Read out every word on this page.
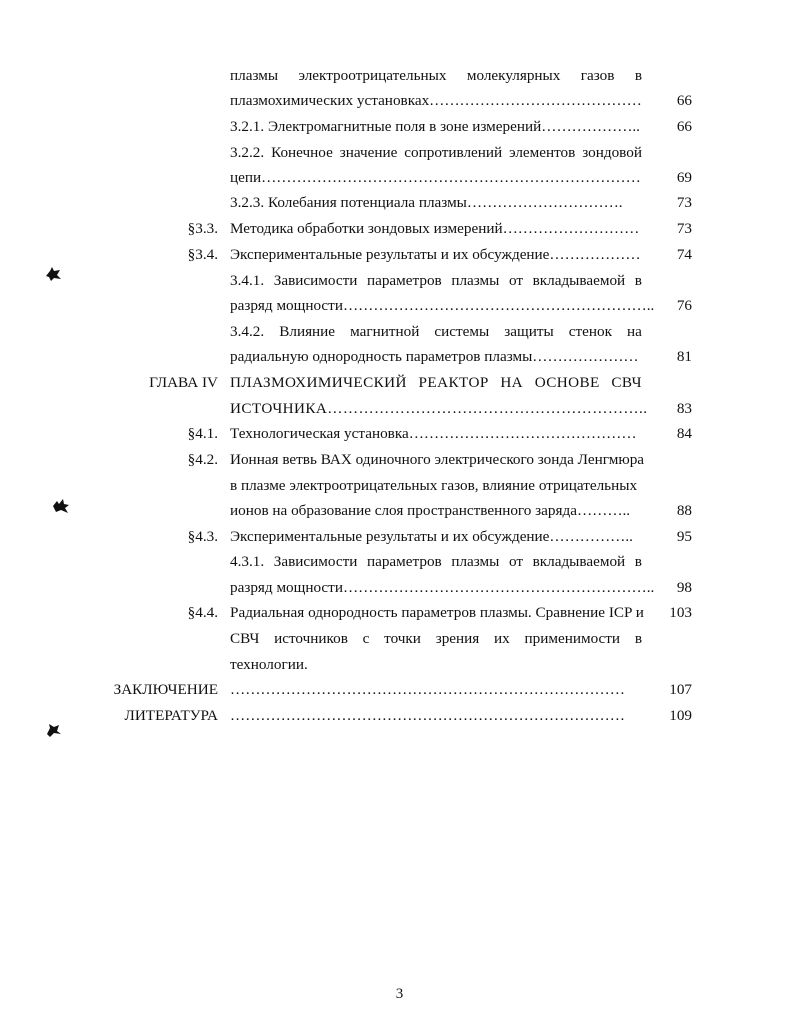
плазмы электроотрицательных молекулярных газов в
плазмохимических установках……………………………………	66
3.2.1. Электромагнитные поля в зоне измерений………………..	66
3.2.2. Конечное значение сопротивлений элементов зондовой
цепи…………………………………………………………………	69
3.2.3. Колебания потенциала плазмы………………………….	73
§3.3. Методика обработки зондовых измерений………………………	73
§3.4. Экспериментальные результаты и их обсуждение………………	74
3.4.1. Зависимости параметров плазмы от вкладываемой в
разряд мощности……………………………………………………..	76
3.4.2. Влияние магнитной системы защиты стенок на
радиальную однородность параметров плазмы…………………	81
ГЛАВА IV ПЛАЗМОХИМИЧЕСКИЙ РЕАКТОР НА ОСНОВЕ СВЧ
ИСТОЧНИКА……………………………………………………..	83
§4.1. Технологическая установка………………………………………	84
§4.2. Ионная ветвь ВАХ одиночного электрического зонда Ленгмюра
в плазме электроотрицательных газов, влияние отрицательных
ионов на образование слоя пространственного заряда………..	88
§4.3. Экспериментальные результаты и их обсуждение……………..	95
4.3.1. Зависимости параметров плазмы от вкладываемой в
разряд мощности……………………………………………………..	98
§4.4. Радиальная однородность параметров плазмы. Сравнение ICP и	103
СВЧ источников с точки зрения их применимости в
технологии.
ЗАКЛЮЧЕНИЕ ……………………………………………………………………	107
ЛИТЕРАТУРА ……………………………………………………………………	109
3
